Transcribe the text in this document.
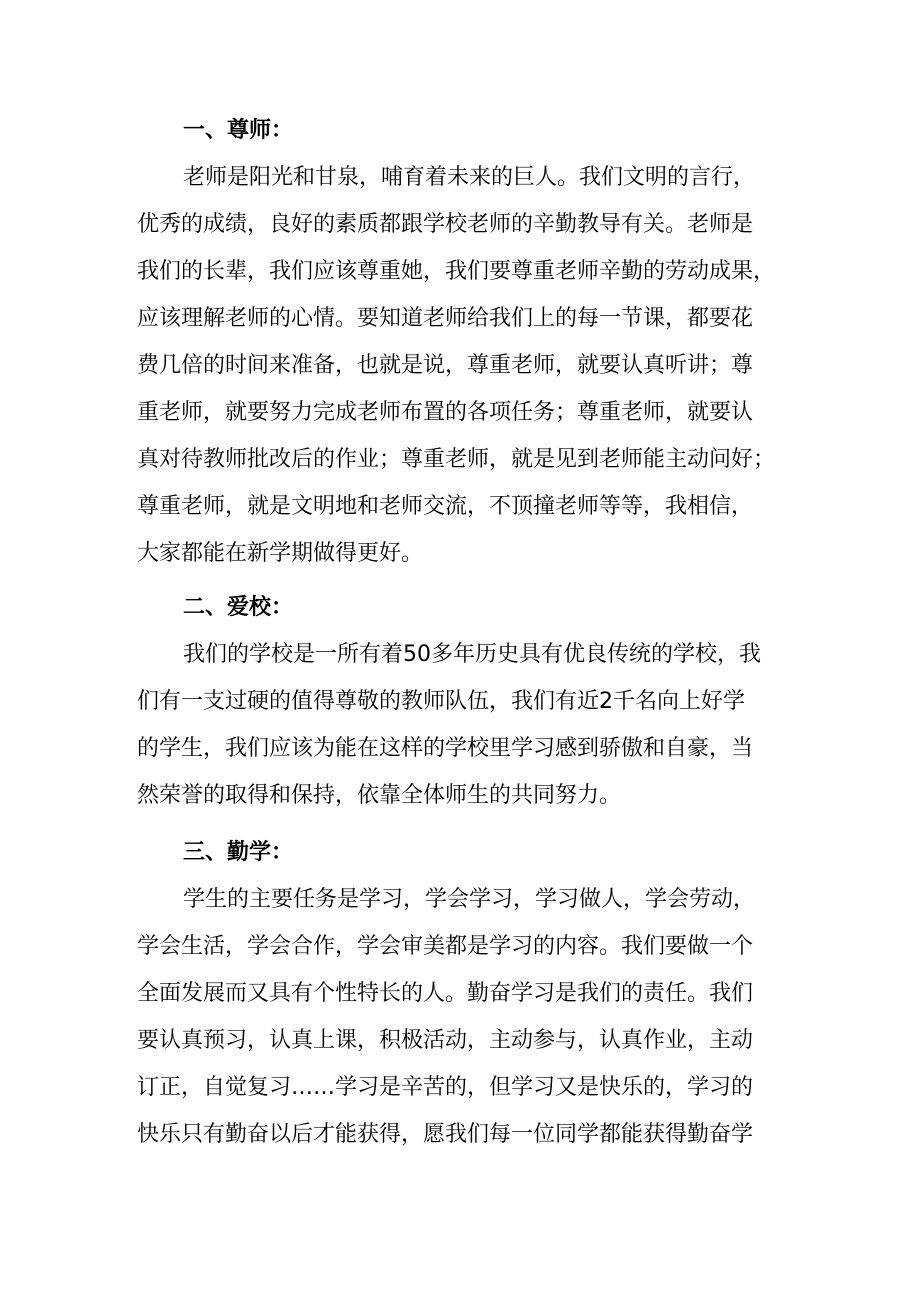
一、尊师：
老师是阳光和甘泉，哺育着未来的巨人。我们文明的言行，
优秀的成绩，良好的素质都跟学校老师的辛勤教导有关。老师是
我们的长辈，我们应该尊重她，我们要尊重老师辛勤的劳动成果，
应该理解老师的心情。要知道老师给我们上的每一节课，都要花
费几倍的时间来准备，也就是说，尊重老师，就要认真听讲；尊
重老师，就要努力完成老师布置的各项任务；尊重老师，就要认
真对待教师批改后的作业；尊重老师，就是见到老师能主动问好；
尊重老师，就是文明地和老师交流，不顶撞老师等等，我相信，
大家都能在新学期做得更好。
二、爱校：
我们的学校是一所有着50多年历史具有优良传统的学校，我
们有一支过硬的值得尊敬的教师队伍，我们有近2千名向上好学
的学生，我们应该为能在这样的学校里学习感到骄傲和自豪，当
然荣誉的取得和保持，依靠全体师生的共同努力。
三、勤学：
学生的主要任务是学习，学会学习，学习做人，学会劳动，
学会生活，学会合作，学会审美都是学习的内容。我们要做一个
全面发展而又具有个性特长的人。勤奋学习是我们的责任。我们
要认真预习，认真上课，积极活动，主动参与，认真作业，主动
订正，自觉复习……学习是辛苦的，但学习又是快乐的，学习的
快乐只有勤奋以后才能获得，愿我们每一位同学都能获得勤奋学
